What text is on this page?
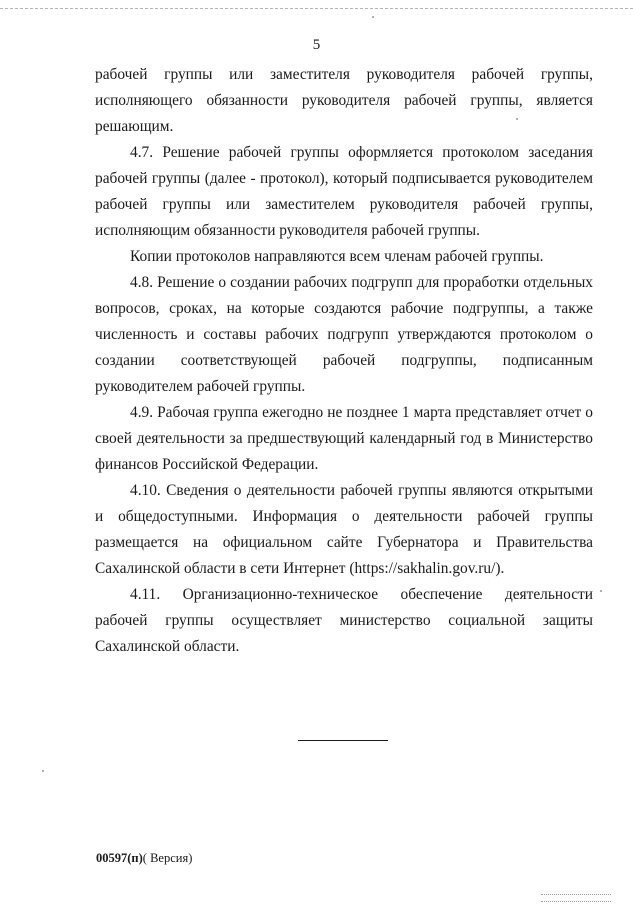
5

рабочей группы или заместителя руководителя рабочей группы, исполняющего обязанности руководителя рабочей группы, является решающим.

4.7. Решение рабочей группы оформляется протоколом заседания рабочей группы (далее - протокол), который подписывается руководителем рабочей группы или заместителем руководителя рабочей группы, исполняющим обязанности руководителя рабочей группы.

Копии протоколов направляются всем членам рабочей группы.

4.8. Решение о создании рабочих подгрупп для проработки отдельных вопросов, сроках, на которые создаются рабочие подгруппы, а также численность и составы рабочих подгрупп утверждаются протоколом о создании соответствующей рабочей подгруппы, подписанным руководителем рабочей группы.

4.9. Рабочая группа ежегодно не позднее 1 марта представляет отчет о своей деятельности за предшествующий календарный год в Министерство финансов Российской Федерации.

4.10. Сведения о деятельности рабочей группы являются открытыми и общедоступными. Информация о деятельности рабочей группы размещается на официальном сайте Губернатора и Правительства Сахалинской области в сети Интернет (https://sakhalin.gov.ru/).

4.11. Организационно-техническое обеспечение деятельности рабочей группы осуществляет министерство социальной защиты Сахалинской области.

00597(п)( Версия)
